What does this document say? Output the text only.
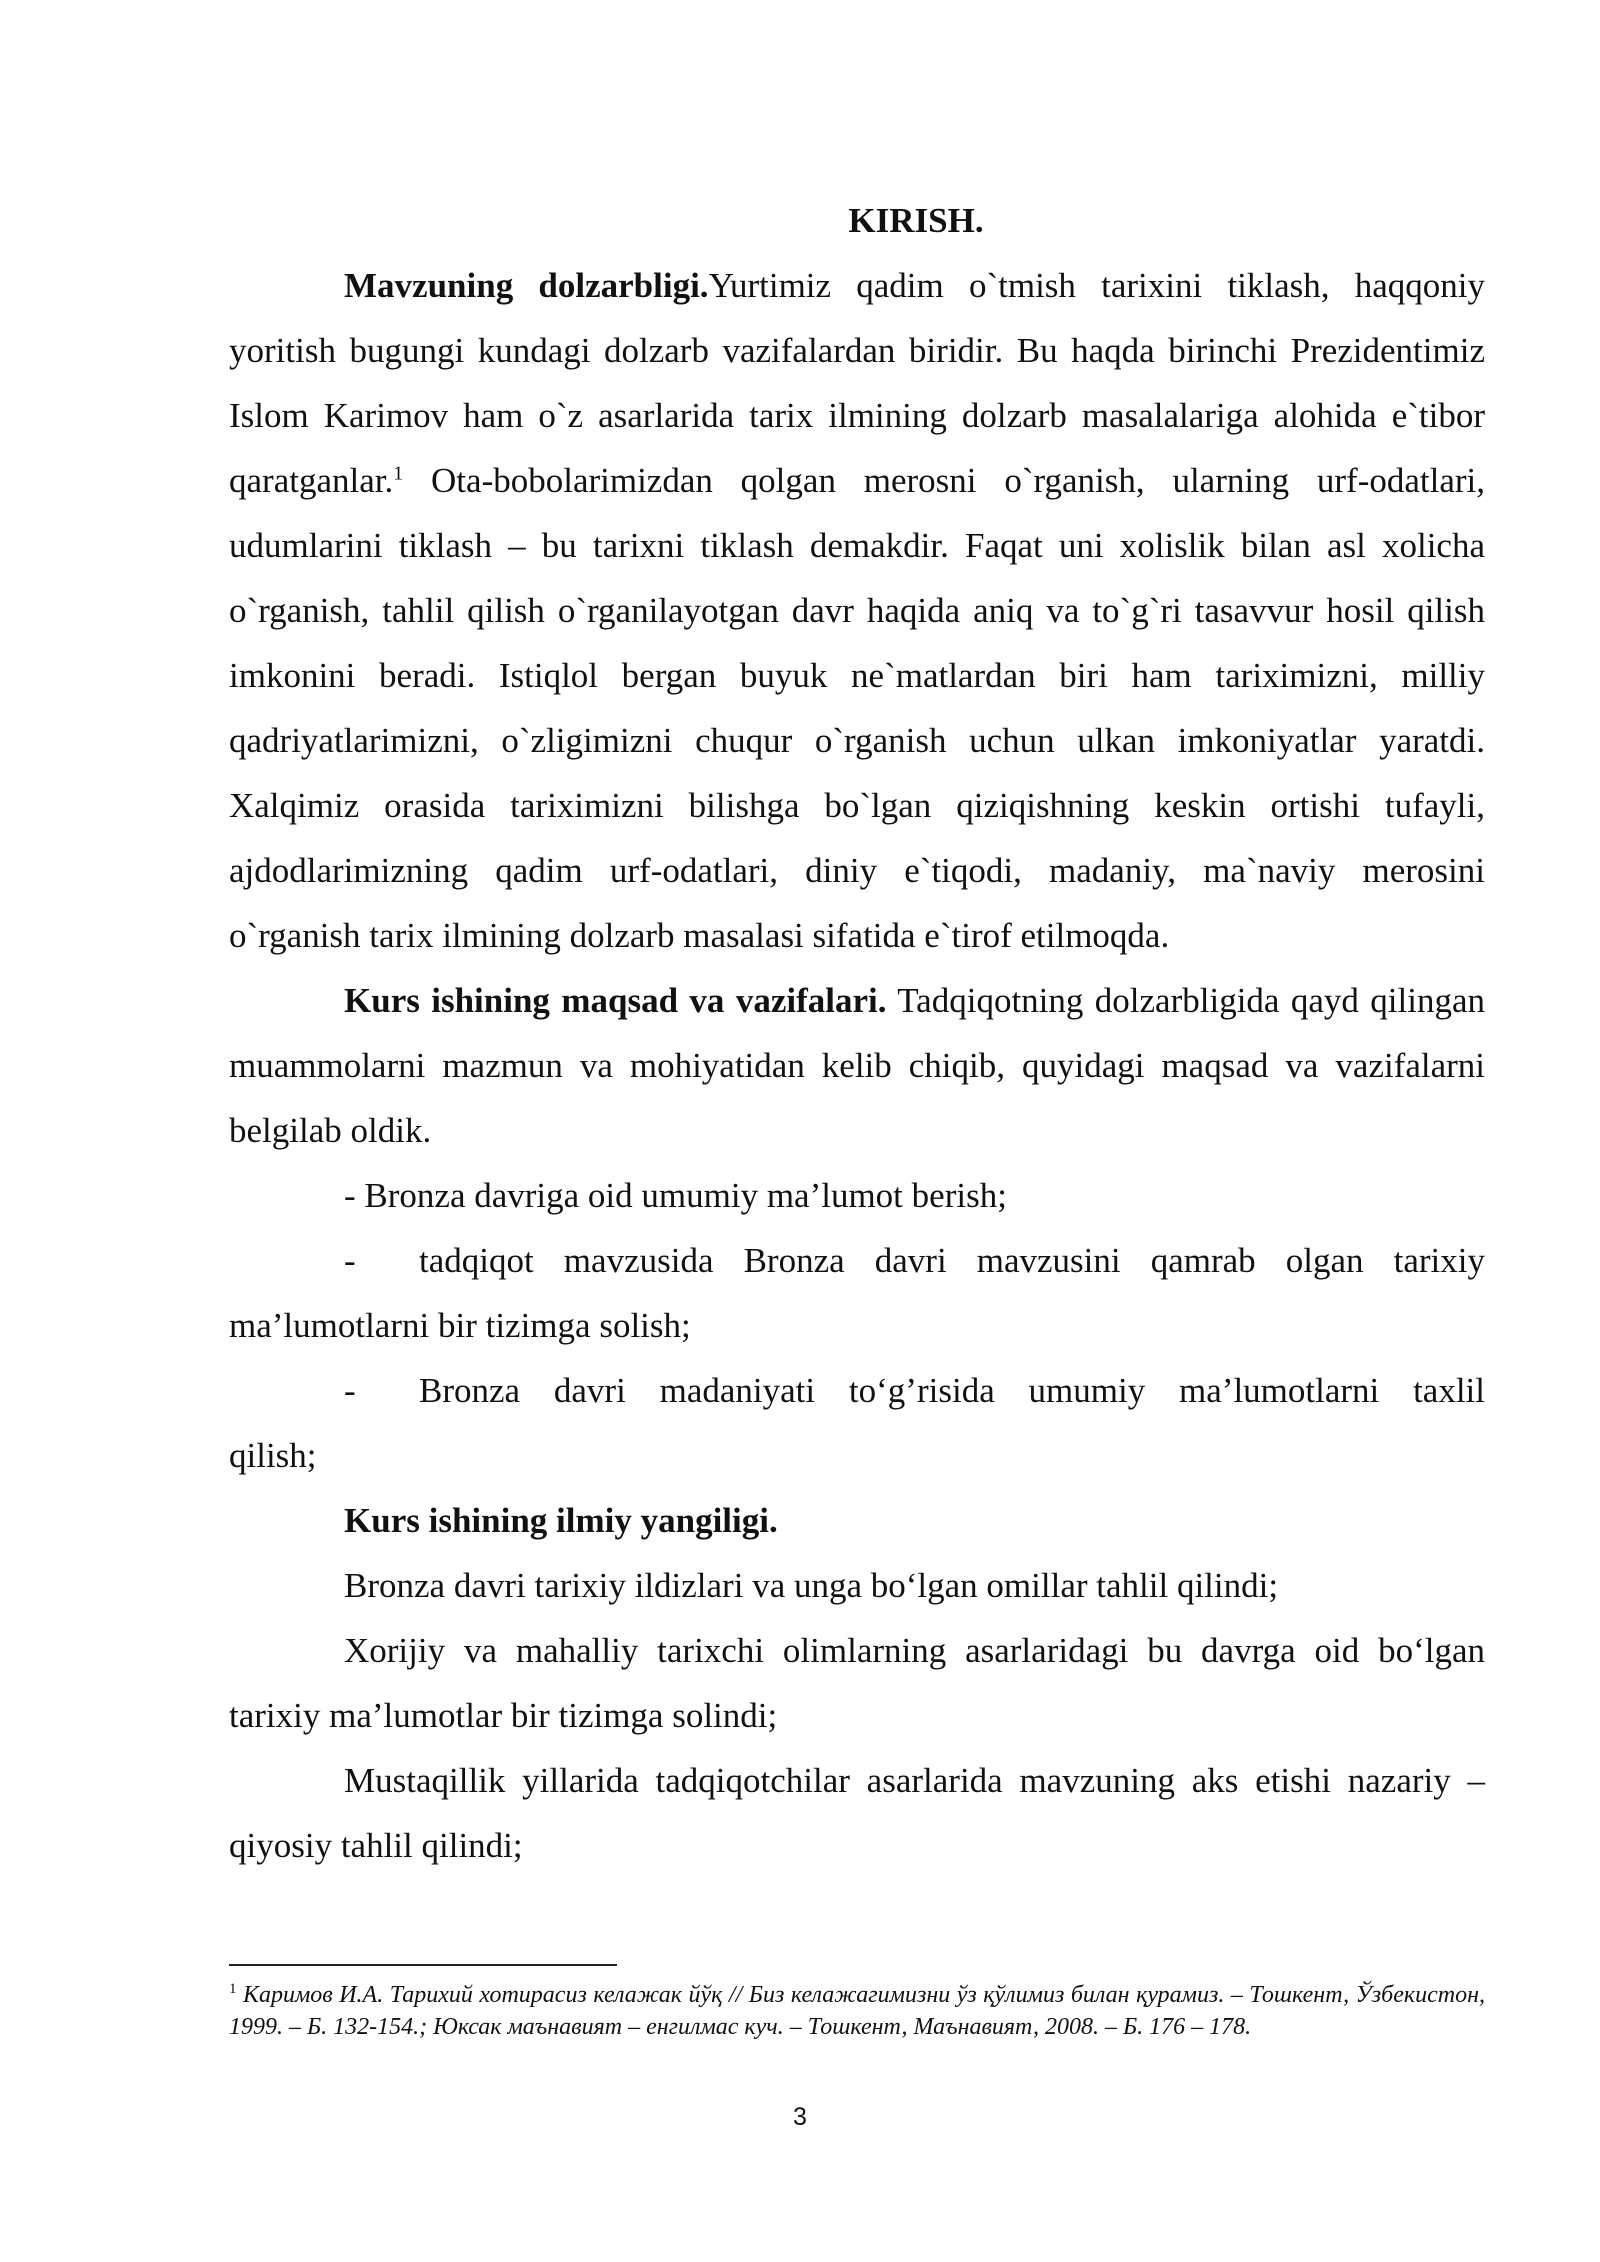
KIRISH.

Mavzuning dolzarbligi.Yurtimiz qadim o`tmish tarixini tiklash, haqqoniy yoritish bugungi kundagi dolzarb vazifalardan biridir. Bu haqda birinchi Prezidentimiz Islom Karimov ham o`z asarlarida tarix ilmining dolzarb masalalariga alohida e`tibor qaratganlar.$^1$ Ota-bobolarimizdan qolgan merosni o`rganish, ularning urf-odatlari, udumlarini tiklash – bu tarixni tiklash demakdir. Faqat uni xolislik bilan asl xolicha o`rganish, tahlil qilish o`rganilayotgan davr haqida aniq va to`g`ri tasavvur hosil qilish imkonini beradi. Istiqlol bergan buyuk ne`matlardan biri ham tariximizni, milliy qadriyatlarimizni, o`zligimizni chuqur o`rganish uchun ulkan imkoniyatlar yaratdi. Xalqimiz orasida tariximizni bilishga bo`lgan qiziqishning keskin ortishi tufayli, ajdodlarimizning qadim urf-odatlari, diniy e`tiqodi, madaniy, ma`naviy merosini o`rganish tarix ilmining dolzarb masalasi sifatida e`tirof etilmoqda.

Kurs ishining maqsad va vazifalari. Tadqiqotning dolzarbligida qayd qilingan muammolarni mazmun va mohiyatidan kelib chiqib, quyidagi maqsad va vazifalarni belgilab oldik.

- Bronza davriga oid umumiy ma’lumot berish;

-	tadqiqot mavzusida Bronza davri mavzusini qamrab olgan tarixiy

ma’lumotlarni bir tizimga solish;

-	Bronza davri madaniyati to‘g’risida umumiy ma’lumotlarni taxlil

qilish;

Kurs ishining ilmiy yangiligi.

Bronza davri tarixiy ildizlari va unga bo‘lgan omillar tahlil qilindi;

Xorijiy va mahalliy tarixchi olimlarning asarlaridagi bu davrga oid bo‘lgan tarixiy ma’lumotlar bir tizimga solindi;

Mustaqillik yillarida tadqiqotchilar asarlarida mavzuning aks etishi nazariy – qiyosiy tahlil qilindi;

$^1$ Каримов И.А. Тарихий хотирасиз келажак йўқ // Биз келажагимизни ўз қўлимиз билан қурамиз. – Тошкент, Ўзбекистон, 1999. – Б. 132-154.; Юксак маънавият – енгилмас куч. – Тошкент, Маънавият, 2008. – Б. 176 – 178.
3
